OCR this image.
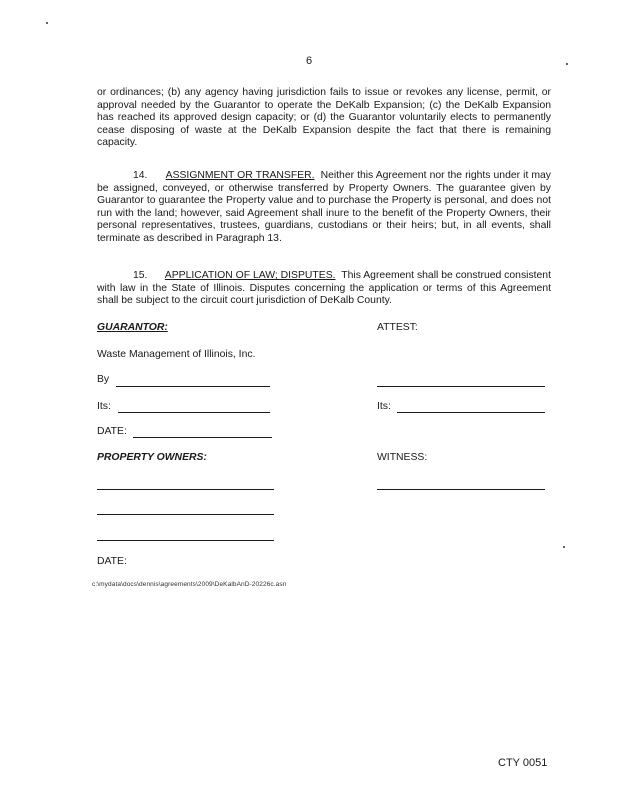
6

or ordinances; (b) any agency having jurisdiction fails to issue or revokes any license, permit, or approval needed by the Guarantor to operate the DeKalb Expansion; (c) the DeKalb Expansion has reached its approved design capacity; or (d) the Guarantor voluntarily elects to permanently cease disposing of waste at the DeKalb Expansion despite the fact that there is remaining capacity.

14. ASSIGNMENT OR TRANSFER. Neither this Agreement nor the rights under it may be assigned, conveyed, or otherwise transferred by Property Owners. The guarantee given by Guarantor to guarantee the Property value and to purchase the Property is personal, and does not run with the land; however, said Agreement shall inure to the benefit of the Property Owners, their personal representatives, trustees, guardians, custodians or their heirs; but, in all events, shall terminate as described in Paragraph 13.

15. APPLICATION OF LAW; DISPUTES. This Agreement shall be construed consistent with law in the State of Illinois. Disputes concerning the application or terms of this Agreement shall be subject to the circuit court jurisdiction of DeKalb County.

GUARANTOR:	ATTEST:
Waste Management of Illinois, Inc.
By
Its:	Its:
DATE:
PROPERTY OWNERS:	WITNESS:
DATE:
c:\mydata\docs\dennis\agreements\2009\DeKalbAnD-20226c.asn
CTY 0051
